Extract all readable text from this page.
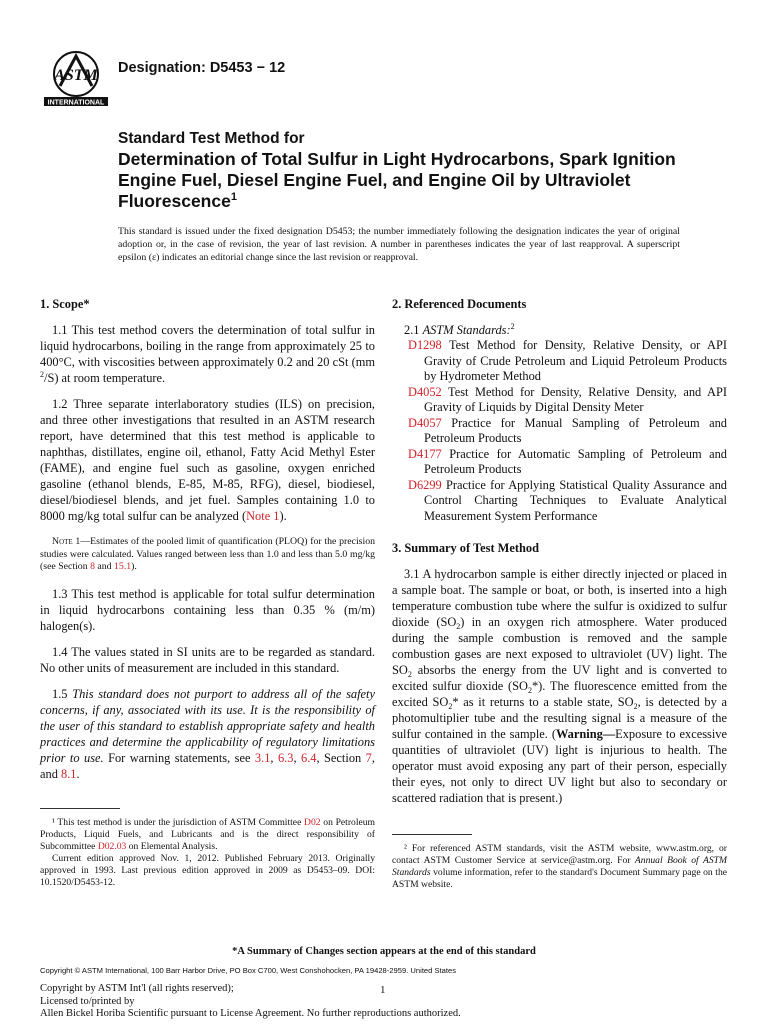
ASTM
INTERNATIONAL
Designation: D5453 − 12
Standard Test Method for
Determination of Total Sulfur in Light Hydrocarbons, Spark Ignition Engine Fuel, Diesel Engine Fuel, and Engine Oil by Ultraviolet Fluorescence$^1$
This standard is issued under the fixed designation D5453; the number immediately following the designation indicates the year of original adoption or, in the case of revision, the year of last revision. A number in parentheses indicates the year of last reapproval. A superscript epsilon (ε) indicates an editorial change since the last revision or reapproval.
1. Scope*

1.1 This test method covers the determination of total sulfur in liquid hydrocarbons, boiling in the range from approximately 25 to 400°C, with viscosities between approximately 0.2 and 20 cSt (mm $^2$/S) at room temperature.

1.2 Three separate interlaboratory studies (ILS) on precision, and three other investigations that resulted in an ASTM research report, have determined that this test method is applicable to naphthas, distillates, engine oil, ethanol, Fatty Acid Methyl Ester (FAME), and engine fuel such as gasoline, oxygen enriched gasoline (ethanol blends, E-85, M-85, RFG), diesel, biodiesel, diesel/biodiesel blends, and jet fuel. Samples containing 1.0 to 8000 mg/kg total sulfur can be analyzed (Note 1).

Note 1—Estimates of the pooled limit of quantification (PLOQ) for the precision studies were calculated. Values ranged between less than 1.0 and less than 5.0 mg/kg (see Section 8 and 15.1).

1.3 This test method is applicable for total sulfur determination in liquid hydrocarbons containing less than 0.35 % (m/m) halogen(s).

1.4 The values stated in SI units are to be regarded as standard. No other units of measurement are included in this standard.

1.5 This standard does not purport to address all of the safety concerns, if any, associated with its use. It is the responsibility of the user of this standard to establish appropriate safety and health practices and determine the applicability of regulatory limitations prior to use. For warning statements, see 3.1, 6.3, 6.4, Section 7, and 8.1.

¹ This test method is under the jurisdiction of ASTM Committee D02 on Petroleum Products, Liquid Fuels, and Lubricants and is the direct responsibility of Subcommittee D02.03 on Elemental Analysis.
Current edition approved Nov. 1, 2012. Published February 2013. Originally approved in 1993. Last previous edition approved in 2009 as D5453–09. DOI: 10.1520/D5453-12.
2. Referenced Documents

2.1 ASTM Standards:$^2$

D1298 Test Method for Density, Relative Density, or API Gravity of Crude Petroleum and Liquid Petroleum Products by Hydrometer Method
D4052 Test Method for Density, Relative Density, and API Gravity of Liquids by Digital Density Meter
D4057 Practice for Manual Sampling of Petroleum and Petroleum Products
D4177 Practice for Automatic Sampling of Petroleum and Petroleum Products
D6299 Practice for Applying Statistical Quality Assurance and Control Charting Techniques to Evaluate Analytical Measurement System Performance
3. Summary of Test Method

3.1 A hydrocarbon sample is either directly injected or placed in a sample boat. The sample or boat, or both, is inserted into a high temperature combustion tube where the sulfur is oxidized to sulfur dioxide $(SO_2)$ in an oxygen rich atmosphere. Water produced during the sample combustion is removed and the sample combustion gases are next exposed to ultraviolet (UV) light. The $SO_2$ absorbs the energy from the UV light and is converted to excited sulfur dioxide $(SO_2*)$. The fluorescence emitted from the excited $SO_2*$ as it returns to a stable state, $SO_2$, is detected by a photomultiplier tube and the resulting signal is a measure of the sulfur contained in the sample. (Warning—Exposure to excessive quantities of ultraviolet (UV) light is injurious to health. The operator must avoid exposing any part of their person, especially their eyes, not only to direct UV light but also to secondary or scattered radiation that is present.)

² For referenced ASTM standards, visit the ASTM website, www.astm.org, or contact ASTM Customer Service at service@astm.org. For Annual Book of ASTM Standards volume information, refer to the standard's Document Summary page on the ASTM website.
*A Summary of Changes section appears at the end of this standard
Copyright © ASTM International, 100 Barr Harbor Drive, PO Box C700, West Conshohocken, PA 19428-2959. United States
Copyright by ASTM Int'l (all rights reserved);
Licensed to/printed by
Allen Bickel Horiba Scientific pursuant to License Agreement. No further reproductions authorized.
1
